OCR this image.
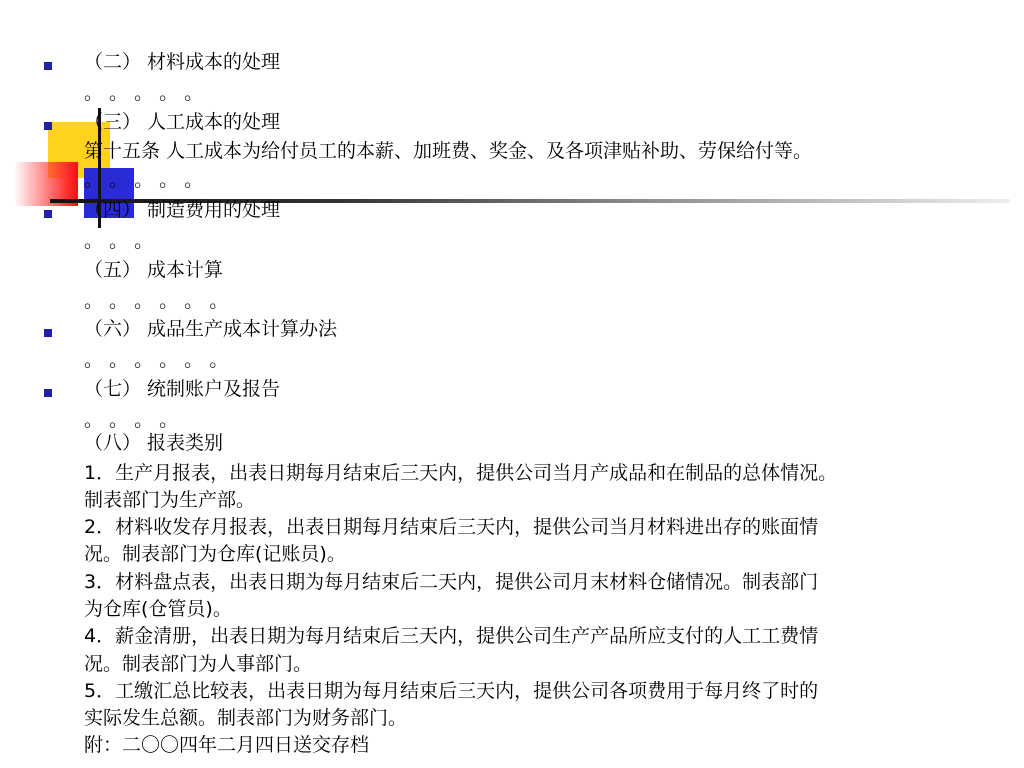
（二） 材料成本的处理
。 。 。 。 。
（三） 人工成本的处理
第十五条 人工成本为给付员工的本薪、加班费、奖金、及各项津贴补助、劳保给付等。
。 。 。 。 。
（四） 制造费用的处理
。 。 。
（五） 成本计算
。 。 。 。 。 。
（六） 成品生产成本计算办法
。 。 。 。 。 。
（七） 统制账户及报告
。 。 。 。
（八） 报表类别
1．生产月报表，出表日期每月结束后三天内，提供公司当月产成品和在制品的总体情况。
制表部门为生产部。
2．材料收发存月报表，出表日期每月结束后三天内，提供公司当月材料进出存的账面情
况。制表部门为仓库(记账员)。
3．材料盘点表，出表日期为每月结束后二天内，提供公司月末材料仓储情况。制表部门
为仓库(仓管员)。
4．薪金清册，出表日期为每月结束后三天内，提供公司生产产品所应支付的人工工费情
况。制表部门为人事部门。
5．工缴汇总比较表，出表日期为每月结束后三天内，提供公司各项费用于每月终了时的
实际发生总额。制表部门为财务部门。
附：二〇〇四年二月四日送交存档
